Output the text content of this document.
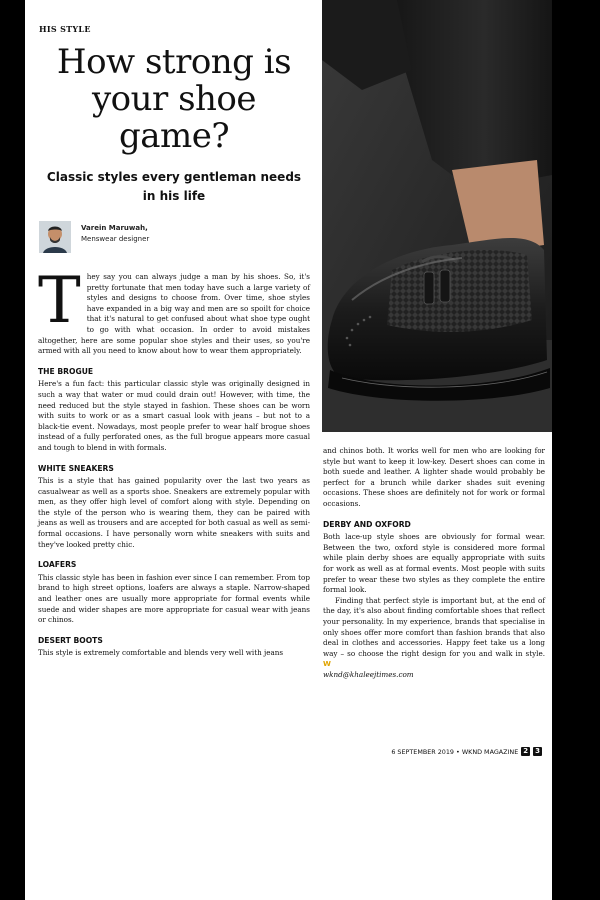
HIS STYLE

How strong is your shoe game?

Classic styles every gentleman needs in his life

Varein Maruwah,
Menswear designer

They say you can always judge a man by his shoes. So, it's pretty fortunate that men today have such a large variety of styles and designs to choose from. Over time, shoe styles have expanded in a big way and men are so spoilt for choice that it's natural to get confused about what shoe type ought to go with what occasion. In order to avoid mistakes altogether, here are some popular shoe styles and their uses, so you're armed with all you need to know about how to wear them appropriately.

THE BROGUE

Here's a fun fact: this particular classic style was originally designed in such a way that water or mud could drain out! However, with time, the need reduced but the style stayed in fashion. These shoes can be worn with suits to work or as a smart casual look with jeans – but not to a black-tie event. Nowadays, most people prefer to wear half brogue shoes instead of a fully perforated ones, as the full brogue appears more casual and tough to blend in with formals.

WHITE SNEAKERS

This is a style that has gained popularity over the last two years as casualwear as well as a sports shoe. Sneakers are extremely popular with men, as they offer high level of comfort along with style. Depending on the style of the person who is wearing them, they can be paired with jeans as well as trousers and are accepted for both casual as well as semi-formal occasions. I have personally worn white sneakers with suits and they've looked pretty chic.

LOAFERS

This classic style has been in fashion ever since I can remember. From top brand to high street options, loafers are always a staple. Narrow-shaped and leather ones are usually more appropriate for formal events while suede and wider shapes are more appropriate for casual wear with jeans or chinos.

DESERT BOOTS

This style is extremely comfortable and blends very well with jeans

and chinos both. It works well for men who are looking for style but want to keep it low-key. Desert shoes can come in both suede and leather. A lighter shade would probably be perfect for a brunch while darker shades suit evening occasions. These shoes are definitely not for work or formal occasions.

DERBY AND OXFORD

Both lace-up style shoes are obviously for formal wear. Between the two, oxford style is considered more formal while plain derby shoes are equally appropriate with suits for work as well as at formal events. Most people with suits prefer to wear these two styles as they complete the entire formal look.

Finding that perfect style is important but, at the end of the day, it's also about finding comfortable shoes that reflect your personality. In my experience, brands that specialise in only shoes offer more comfort than fashion brands that also deal in clothes and accessories. Happy feet take us a long way – so choose the right design for you and walk in style. W

wknd@khaleejtimes.com

6 SEPTEMBER 2019 • WKND MAGAZINE 2 3
